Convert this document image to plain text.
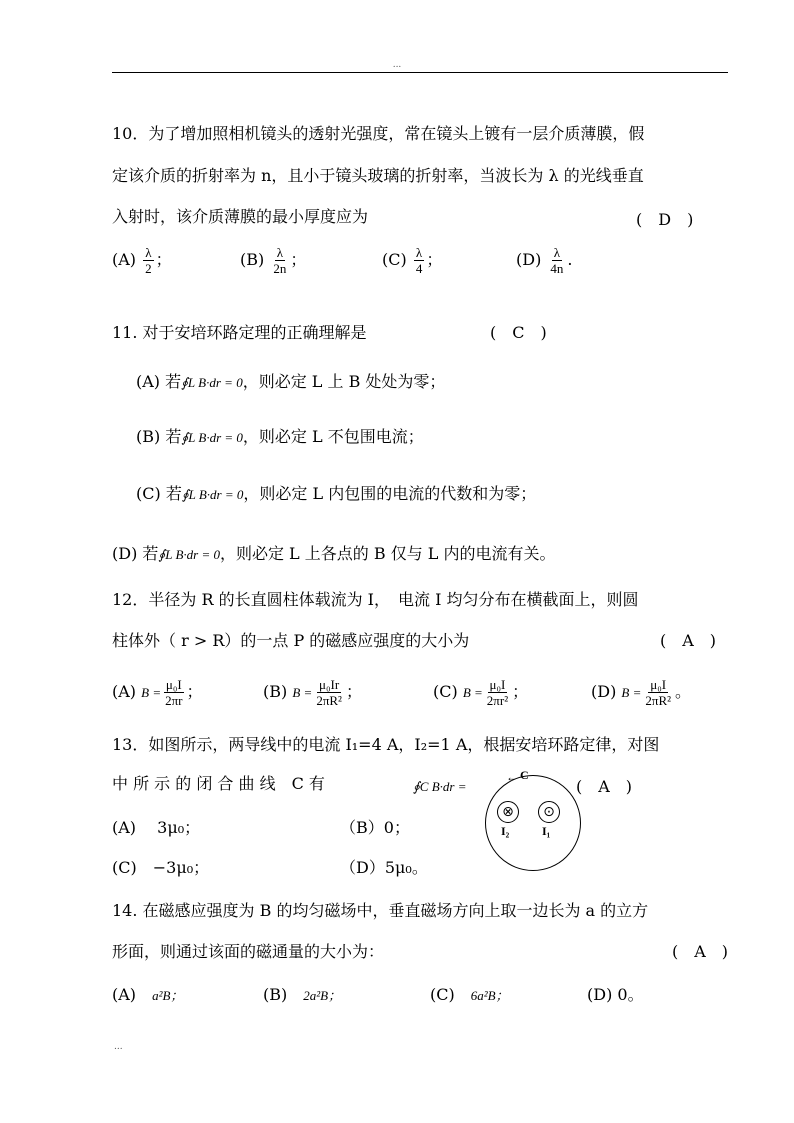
...
10．为了增加照相机镜头的透射光强度，常在镜头上镀有一层介质薄膜，假
定该介质的折射率为 n，且小于镜头玻璃的折射率，当波长为 λ 的光线垂直
入射时，该介质薄膜的最小厚度应为	(　D　)
$(A) \frac{\lambda}{2}$ ；	$(B) \frac{\lambda}{2n}$ ；	$(C) \frac{\lambda}{4}$ ；	$(D) \frac{\lambda}{4n}$ .
11. 对于安培环路定理的正确理解是	(　C　)
(A) 若∮L B·dr = 0，则必定 L 上 B 处处为零；
(B) 若∮L B·dr = 0，则必定 L 不包围电流；
(C) 若∮L B·dr = 0，则必定 L 内包围的电流的代数和为零；
(D) 若∮L B·dr = 0，则必定 L 上各点的 B 仅与 L 内的电流有关。
12．半径为 R 的长直圆柱体载流为 I，　电流 I 均匀分布在横截面上，则圆
柱体外（ r > R）的一点 P 的磁感应强度的大小为	(　A　)
(A) $B = \frac{\text{μ₀I}}{2\pi r}$ ；	(B) $B = \frac{\text{μ₀Ir}}{\text{2πR²}}$ ；	(C) $B = \frac{\text{μ₀I}}{\text{2πr²}}$ ；	(D) $B = \frac{\text{μ₀I}}{\text{2πR²}}$ 。
13．如图所示，两导线中的电流 I₁=4 A，I₂=1 A，根据安培环路定律，对图
中 所 示 的 闭 合 曲 线　C 有	∮C B·dr =	(　A　)
C
←
⊗	⊙
I₂	I₁
(A)　 3μ₀；	（B）0；
(C)　−3μ₀；	（D）5μ₀。
14. 在磁感应强度为 B 的均匀磁场中，垂直磁场方向上取一边长为 a 的立方
形面，则通过该面的磁通量的大小为：	(　A　)
(A)　 a²B；	(B)　 2a²B；	(C)　 6a²B；	(D) 0。
...
